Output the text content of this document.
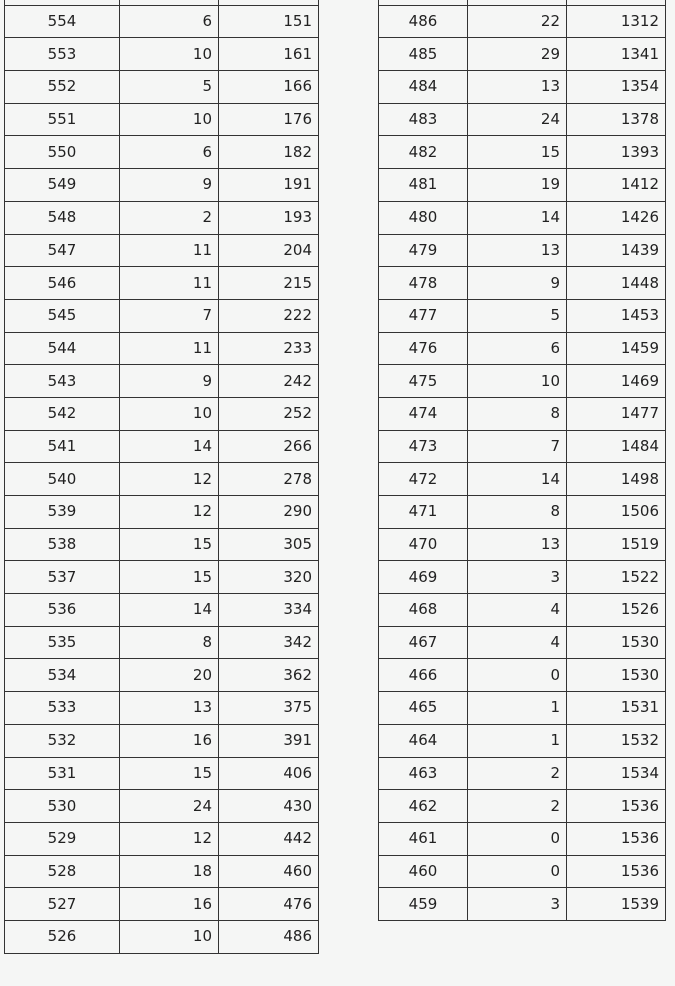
554	6	151
553	10	161
552	5	166
551	10	176
550	6	182
549	9	191
548	2	193
547	11	204
546	11	215
545	7	222
544	11	233
543	9	242
542	10	252
541	14	266
540	12	278
539	12	290
538	15	305
537	15	320
536	14	334
535	8	342
534	20	362
533	13	375
532	16	391
531	15	406
530	24	430
529	12	442
528	18	460
527	16	476
526	10	486

486	22	1312
485	29	1341
484	13	1354
483	24	1378
482	15	1393
481	19	1412
480	14	1426
479	13	1439
478	9	1448
477	5	1453
476	6	1459
475	10	1469
474	8	1477
473	7	1484
472	14	1498
471	8	1506
470	13	1519
469	3	1522
468	4	1526
467	4	1530
466	0	1530
465	1	1531
464	1	1532
463	2	1534
462	2	1536
461	0	1536
460	0	1536
459	3	1539
